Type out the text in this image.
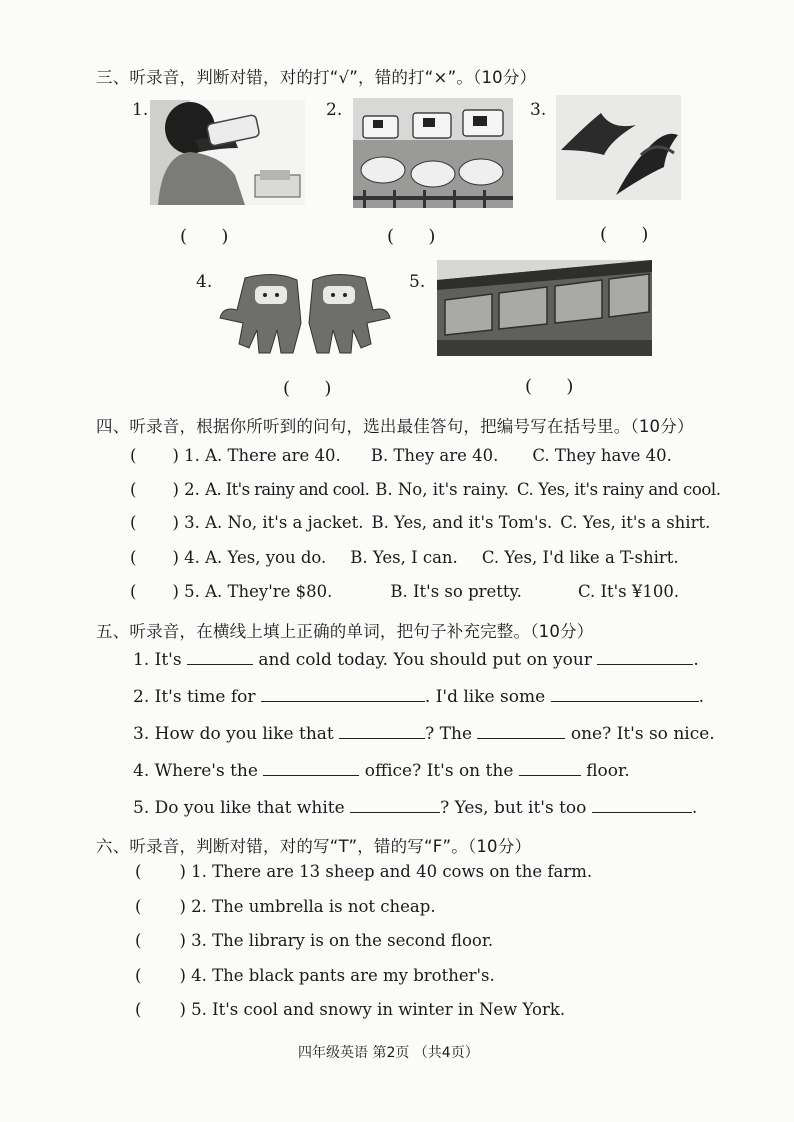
三、听录音，判断对错，对的打“√”，错的打“×”。（10分）
1.
(      )
2.
(      )
3.
(      )
4.
(      )
5.
(      )
四、听录音，根据你所听到的问句，选出最佳答句，把编号写在括号里。（10分）
( ) 1. A. There are 40. B. They are 40. C. They have 40.
( ) 2. A. It's rainy and cool. B. No, it's rainy. C. Yes, it's rainy and cool.
( ) 3. A. No, it's a jacket. B. Yes, and it's Tom's. C. Yes, it's a shirt.
( ) 4. A. Yes, you do. B. Yes, I can. C. Yes, I'd like a T-shirt.
( ) 5. A. They're $80.	B. It's so pretty.	C. It's ¥100.
五、听录音，在横线上填上正确的单词，把句子补充完整。（10分）
1. It's	and cold today. You should put on your	.
2. It's time for	. I'd like some	.
3. How do you like that	? The	one? It's so nice.
4. Where's the	office? It's on the	floor.
5. Do you like that white	? Yes, but it's too	.
六、听录音，判断对错，对的写“T”，错的写“F”。（10分）
( ) 1. There are 13 sheep and 40 cows on the farm.
( ) 2. The umbrella is not cheap.
( ) 3. The library is on the second floor.
( ) 4. The black pants are my brother's.
( ) 5. It's cool and snowy in winter in New York.
四年级英语 第2页 （共4页）
